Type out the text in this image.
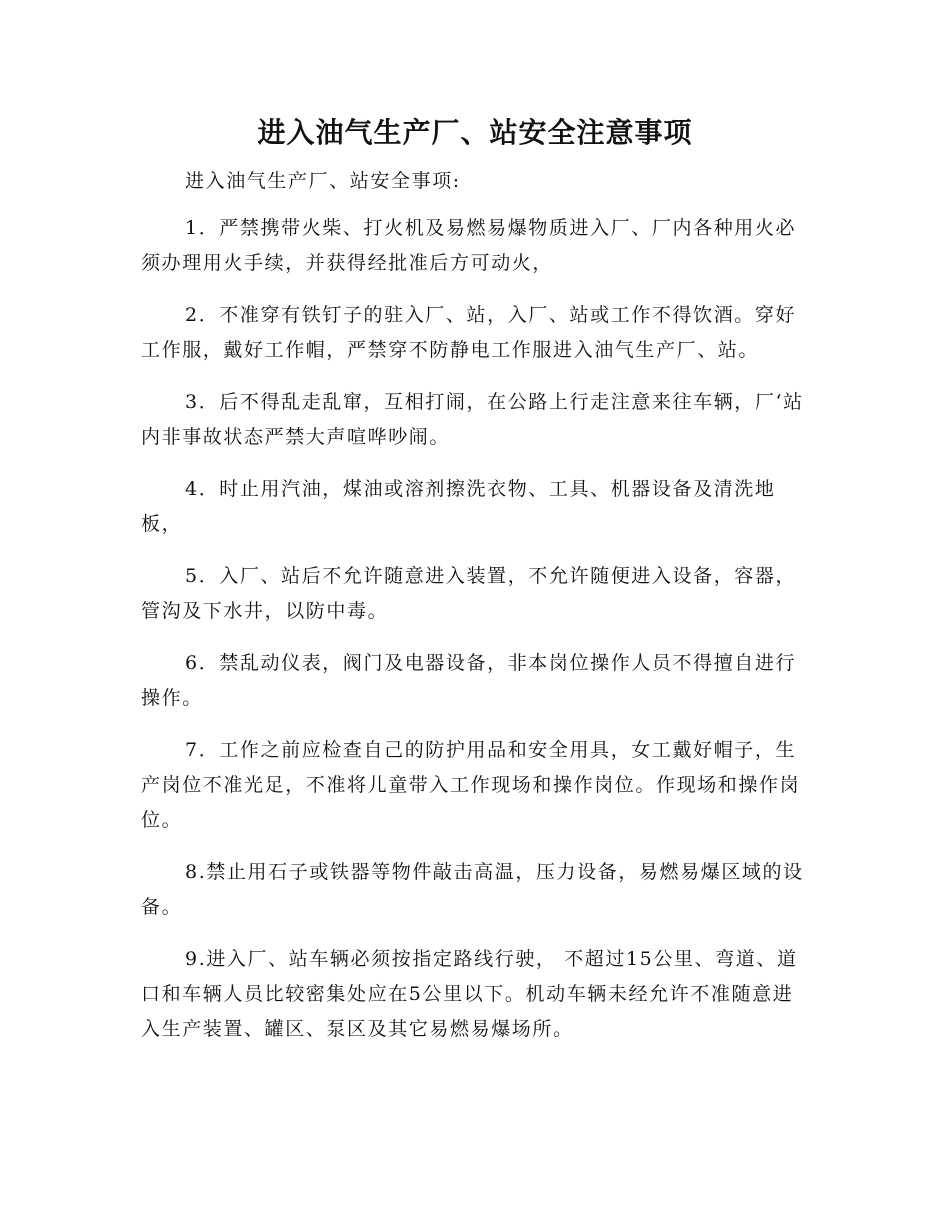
进入油气生产厂、站安全注意事项

进入油气生产厂、站安全事项:

1．严禁携带火柴、打火机及易燃易爆物质进入厂、厂内各种用火必须办理用火手续，并获得经批准后方可动火，

2．不准穿有铁钉子的驻入厂、站，入厂、站或工作不得饮酒。穿好工作服，戴好工作帽，严禁穿不防静电工作服进入油气生产厂、站。

3．后不得乱走乱窜，互相打闹，在公路上行走注意来往车辆，厂‘站内非事故状态严禁大声喧哗吵闹。

4．时止用汽油，煤油或溶剂擦洗衣物、工具、机器设备及清洗地板，

5．入厂、站后不允许随意进入装置，不允许随便进入设备，容器，管沟及下水井，以防中毒。

6．禁乱动仪表，阀门及电器设备，非本岗位操作人员不得擅自进行操作。

7．工作之前应检查自己的防护用品和安全用具，女工戴好帽子，生产岗位不准光足，不准将儿童带入工作现场和操作岗位。作现场和操作岗位。

8.禁止用石子或铁器等物件敲击高温，压力设备，易燃易爆区域的设备。

9.进入厂、站车辆必须按指定路线行驶， 不超过15公里、弯道、道口和车辆人员比较密集处应在5公里以下。机动车辆未经允许不准随意进入生产装置、罐区、泵区及其它易燃易爆场所。
